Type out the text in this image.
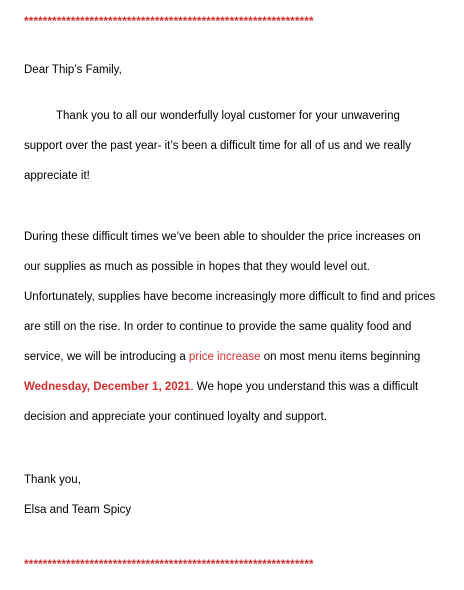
**************************************************************
Dear Thip’s Family,
Thank you to all our wonderfully loyal customer for your unwavering
support over the past year- it’s been a difficult time for all of us and we really
appreciate it!
During these difficult times we’ve been able to shoulder the price increases on
our supplies as much as possible in hopes that they would level out.
Unfortunately, supplies have become increasingly more difficult to find and prices
are still on the rise. In order to continue to provide the same quality food and
service, we will be introducing a price increase on most menu items beginning
Wednesday, December 1, 2021. We hope you understand this was a difficult
decision and appreciate your continued loyalty and support.
Thank you,
Elsa and Team Spicy
**************************************************************
